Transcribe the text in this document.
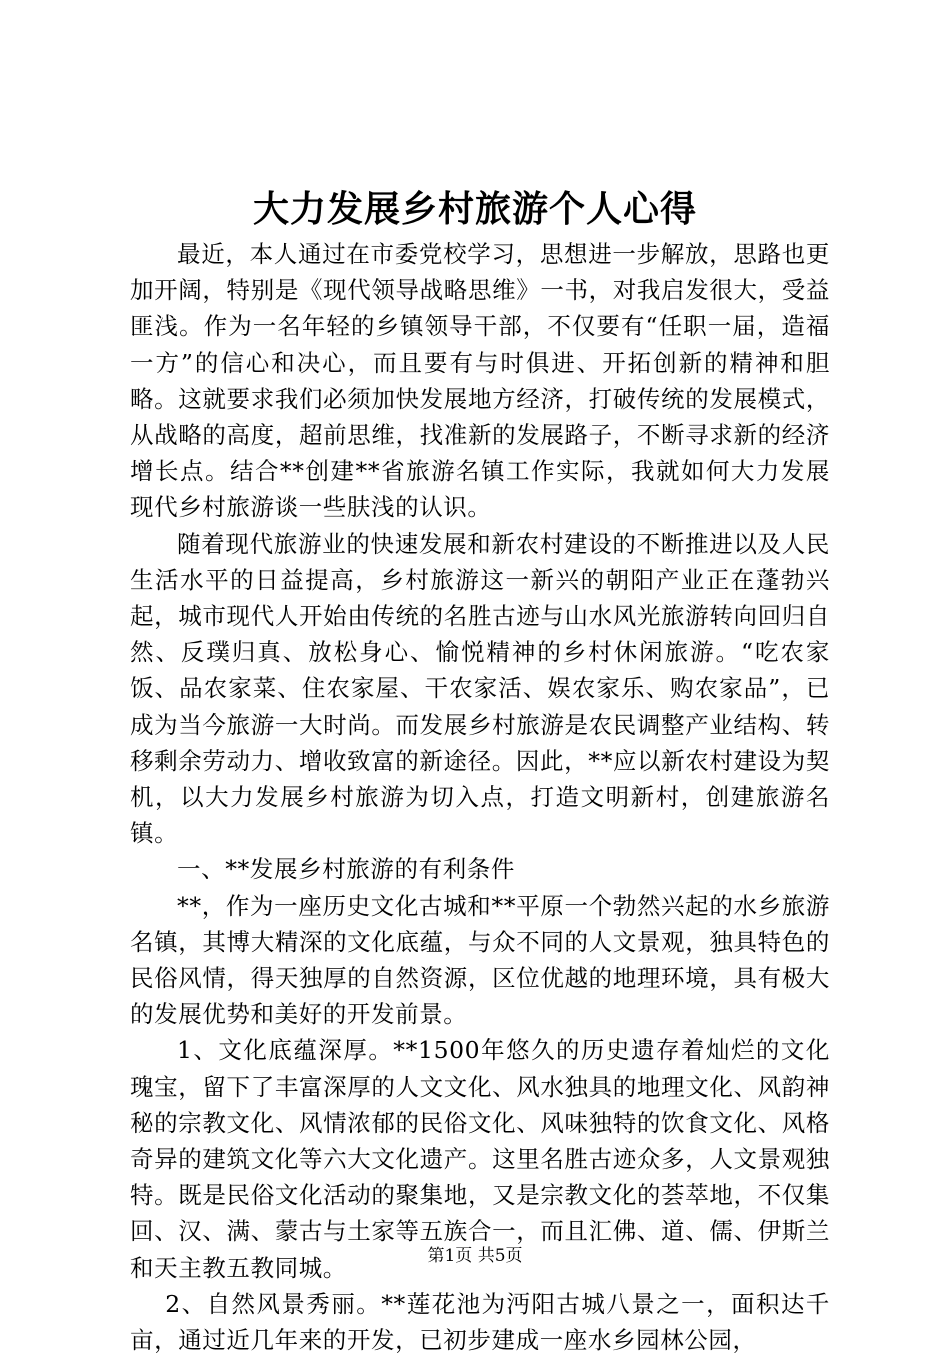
大力发展乡村旅游个人心得

最近，本人通过在市委党校学习，思想进一步解放，思路也更加开阔，特别是《现代领导战略思维》一书，对我启发很大，受益匪浅。作为一名年轻的乡镇领导干部，不仅要有“任职一届，造福一方”的信心和决心，而且要有与时俱进、开拓创新的精神和胆略。这就要求我们必须加快发展地方经济，打破传统的发展模式，从战略的高度，超前思维，找准新的发展路子，不断寻求新的经济增长点。结合**创建**省旅游名镇工作实际，我就如何大力发展现代乡村旅游谈一些肤浅的认识。

随着现代旅游业的快速发展和新农村建设的不断推进以及人民生活水平的日益提高，乡村旅游这一新兴的朝阳产业正在蓬勃兴起，城市现代人开始由传统的名胜古迹与山水风光旅游转向回归自然、反璞归真、放松身心、愉悦精神的乡村休闲旅游。“吃农家饭、品农家菜、住农家屋、干农家活、娱农家乐、购农家品”，已成为当今旅游一大时尚。而发展乡村旅游是农民调整产业结构、转移剩余劳动力、增收致富的新途径。因此，**应以新农村建设为契机，以大力发展乡村旅游为切入点，打造文明新村，创建旅游名镇。

一、**发展乡村旅游的有利条件

**，作为一座历史文化古城和**平原一个勃然兴起的水乡旅游名镇，其博大精深的文化底蕴，与众不同的人文景观，独具特色的民俗风情，得天独厚的自然资源，区位优越的地理环境，具有极大的发展优势和美好的开发前景。

1、文化底蕴深厚。**1500年悠久的历史遗存着灿烂的文化瑰宝，留下了丰富深厚的人文文化、风水独具的地理文化、风韵神秘的宗教文化、风情浓郁的民俗文化、风味独特的饮食文化、风格奇异的建筑文化等六大文化遗产。这里名胜古迹众多，人文景观独特。既是民俗文化活动的聚集地，又是宗教文化的荟萃地，不仅集回、汉、满、蒙古与土家等五族合一，而且汇佛、道、儒、伊斯兰和天主教五教同城。

2、自然风景秀丽。**莲花池为沔阳古城八景之一，面积达千亩，通过近几年来的开发，已初步建成一座水乡园林公园，

第1页 共5页
